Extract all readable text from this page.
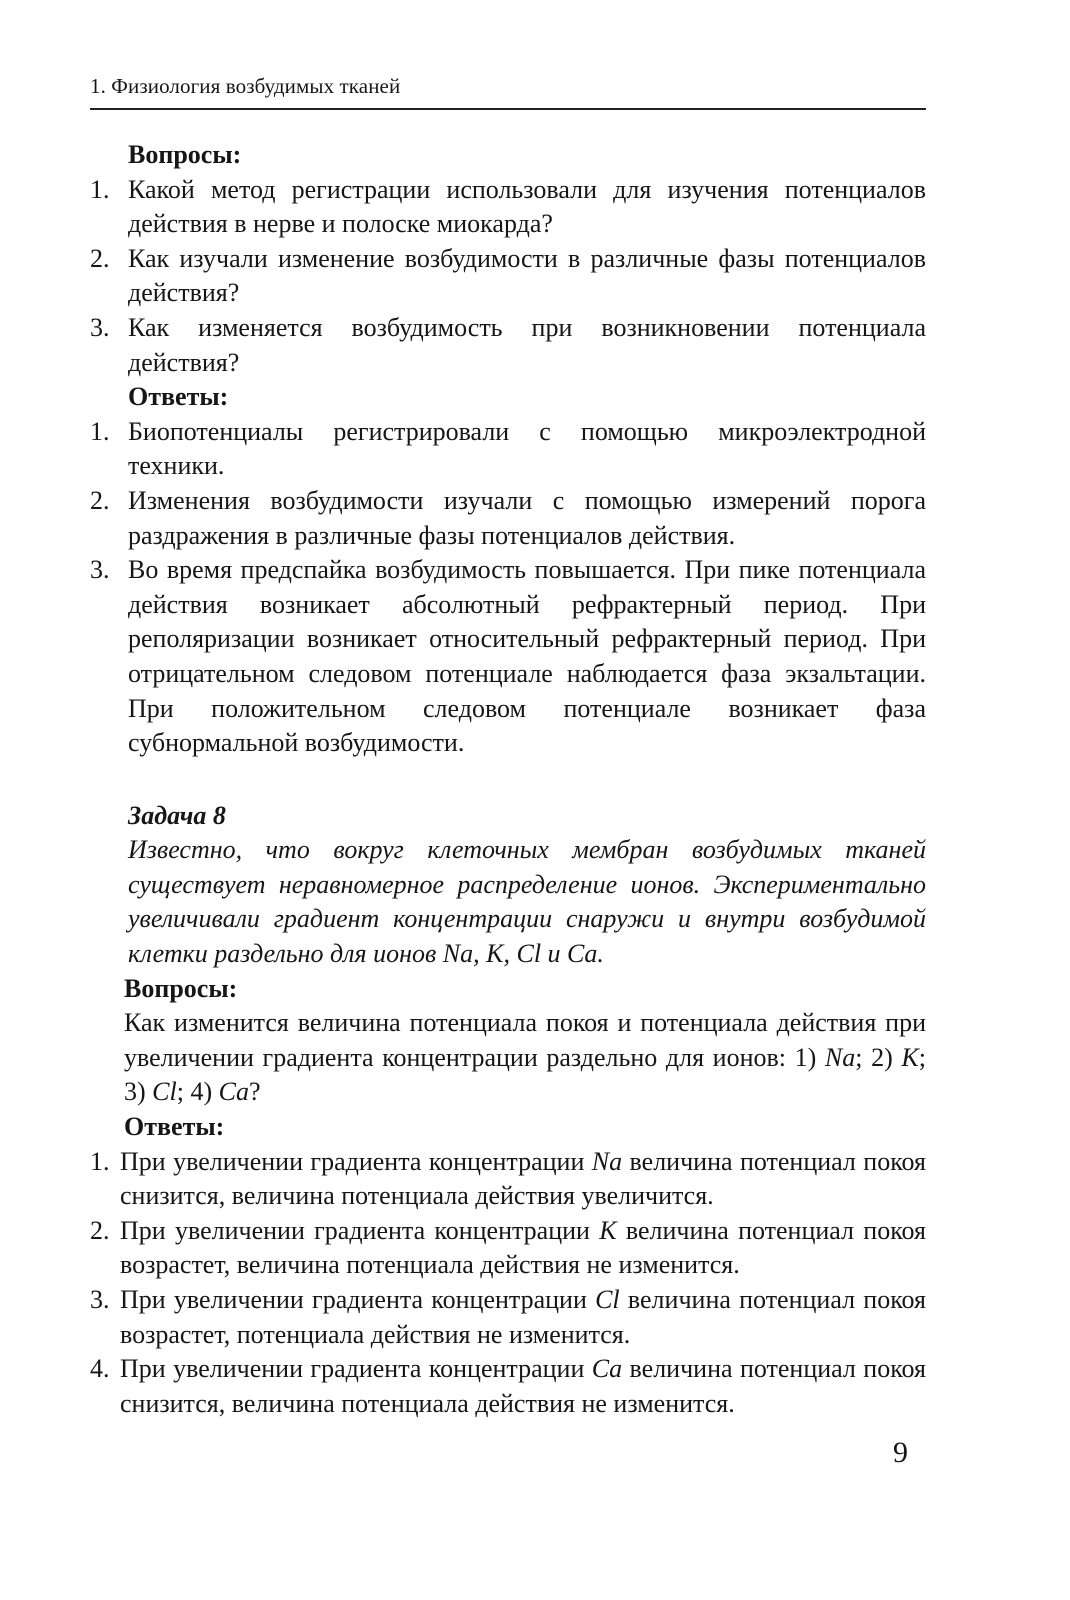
1. Физиология возбудимых тканей

Вопросы:

1. Какой метод регистрации использовали для изучения потенциалов действия в нерве и полоске миокарда?
2. Как изучали изменение возбудимости в различные фазы потенциалов действия?
3. Как изменяется возбудимость при возникновении потенциала действия?

Ответы:

1. Биопотенциалы регистрировали с помощью микроэлектродной техники.
2. Изменения возбудимости изучали с помощью измерений порога раздражения в различные фазы потенциалов действия.
3. Во время предспайка возбудимость повышается. При пике потенциала действия возникает абсолютный рефрактерный период. При реполяризации возникает относительный рефрактерный период. При отрицательном следовом потенциале наблюдается фаза экзальтации. При положительном следовом потенциале возникает фаза субнормальной возбудимости.
Задача 8
Известно, что вокруг клеточных мембран возбудимых тканей существует неравномерное распределение ионов. Экспериментально увеличивали градиент концентрации снаружи и внутри возбудимой клетки раздельно для ионов Na, K, Cl и Ca.

Вопросы:

Как изменится величина потенциала покоя и потенциала действия при увеличении градиента концентрации раздельно для ионов: 1) Na; 2) K; 3) Cl; 4) Ca?

Ответы:

1. При увеличении градиента концентрации Na величина потенциал покоя снизится, величина потенциала действия увеличится.
2. При увеличении градиента концентрации K величина потенциал покоя возрастет, величина потенциала действия не изменится.
3. При увеличении градиента концентрации Cl величина потенциал покоя возрастет, потенциала действия не изменится.
4. При увеличении градиента концентрации Ca величина потенциал покоя снизится, величина потенциала действия не изменится.
9
